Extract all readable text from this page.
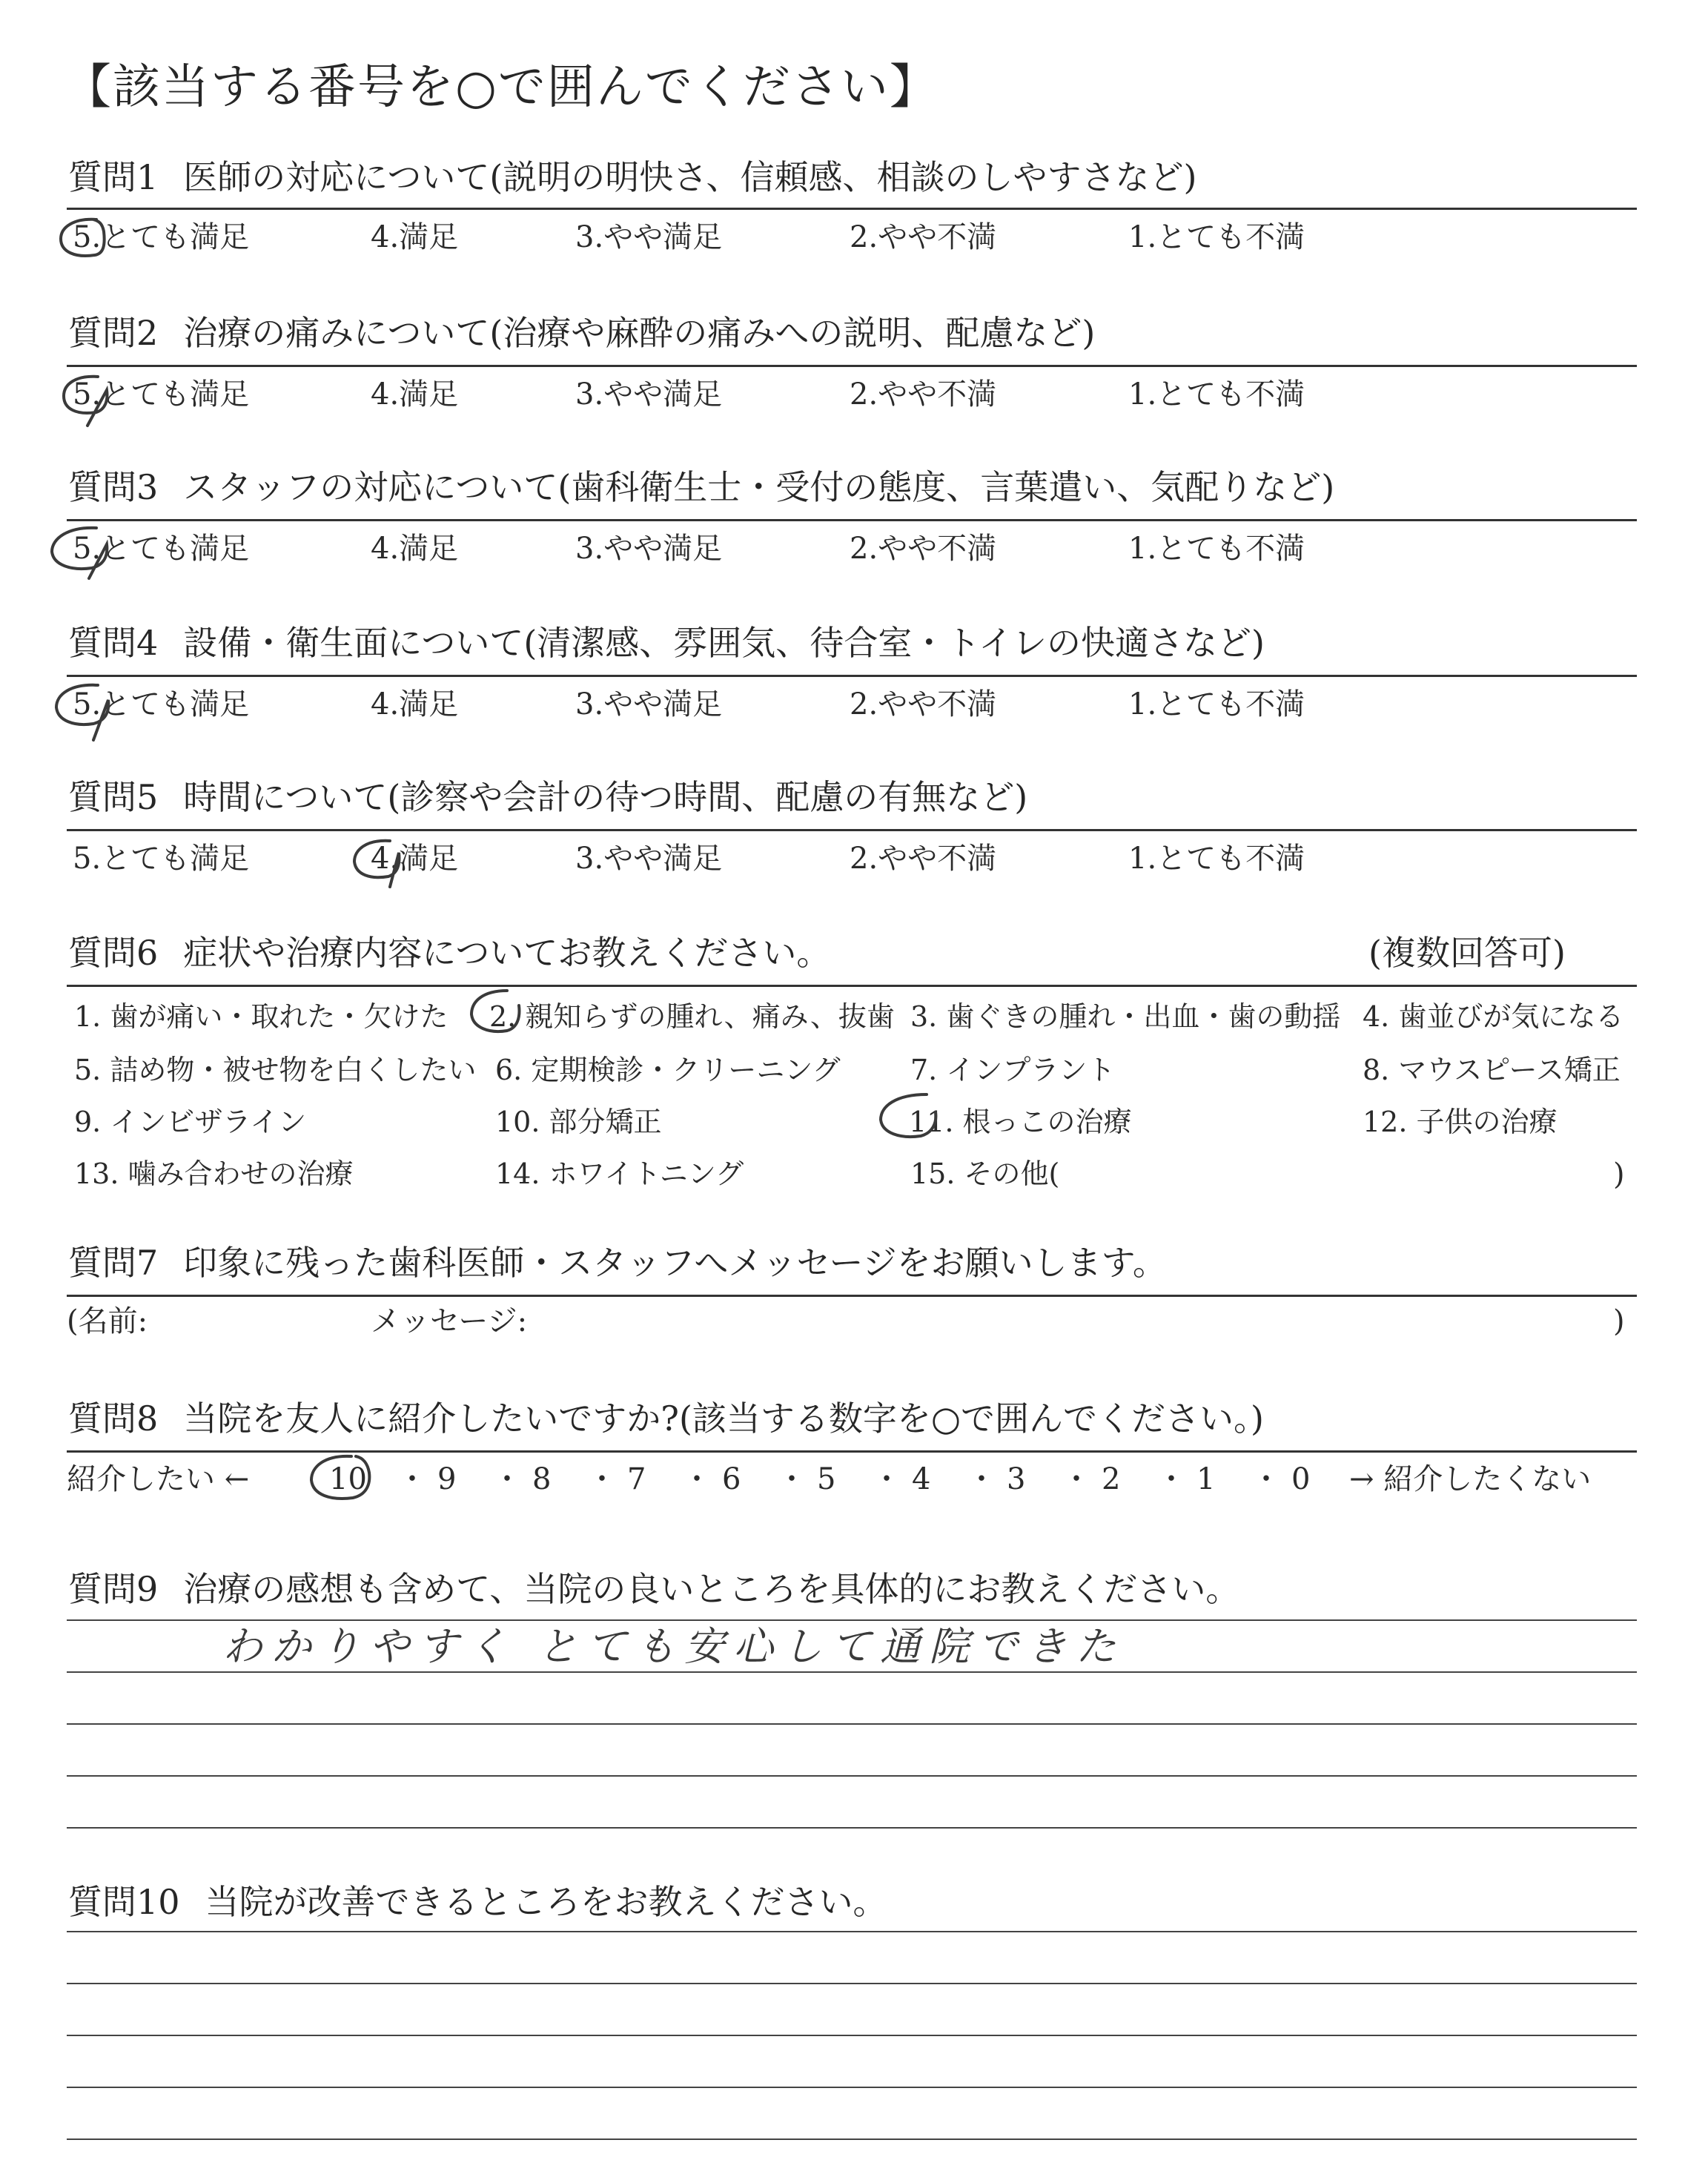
【該当する番号を○で囲んでください】
質問1 医師の対応について(説明の明快さ、信頼感、相談のしやすさなど)
5.とても満足	4.満足	3.やや満足	2.やや不満	1.とても不満
質問2 治療の痛みについて(治療や麻酔の痛みへの説明、配慮など)
5.とても満足	4.満足	3.やや満足	2.やや不満	1.とても不満
質問3 スタッフの対応について(歯科衛生士・受付の態度、言葉遣い、気配りなど)
5.とても満足	4.満足	3.やや満足	2.やや不満	1.とても不満
質問4 設備・衛生面について(清潔感、雰囲気、待合室・トイレの快適さなど)
5.とても満足	4.満足	3.やや満足	2.やや不満	1.とても不満
質問5 時間について(診察や会計の待つ時間、配慮の有無など)
5.とても満足	4.満足	3.やや満足	2.やや不満	1.とても不満
質問6 症状や治療内容についてお教えください。	(複数回答可)
1. 歯が痛い・取れた・欠けた 2. 親知らずの腫れ、痛み、抜歯 3. 歯ぐきの腫れ・出血・歯の動揺 4. 歯並びが気になる
5. 詰め物・被せ物を白くしたい 6. 定期検診・クリーニング 7. インプラント	8. マウスピース矯正
9. インビザライン	10. 部分矯正	11. 根っこの治療	12. 子供の治療
13. 噛み合わせの治療	14. ホワイトニング	15. その他(	)
質問7 印象に残った歯科医師・スタッフへメッセージをお願いします。
(名前:	メッセージ:	)
質問8 当院を友人に紹介したいですか?(該当する数字を○で囲んでください。)
紹介したい ←	10 ・ 9 ・ 8 ・ 7 ・ 6 ・ 5 ・ 4 ・ 3 ・ 2 ・ 1 ・ 0 → 紹介したくない
質問9 治療の感想も含めて、当院の良いところを具体的にお教えください。
わかりやすく とても安心して通院できた
質問10 当院が改善できるところをお教えください。
